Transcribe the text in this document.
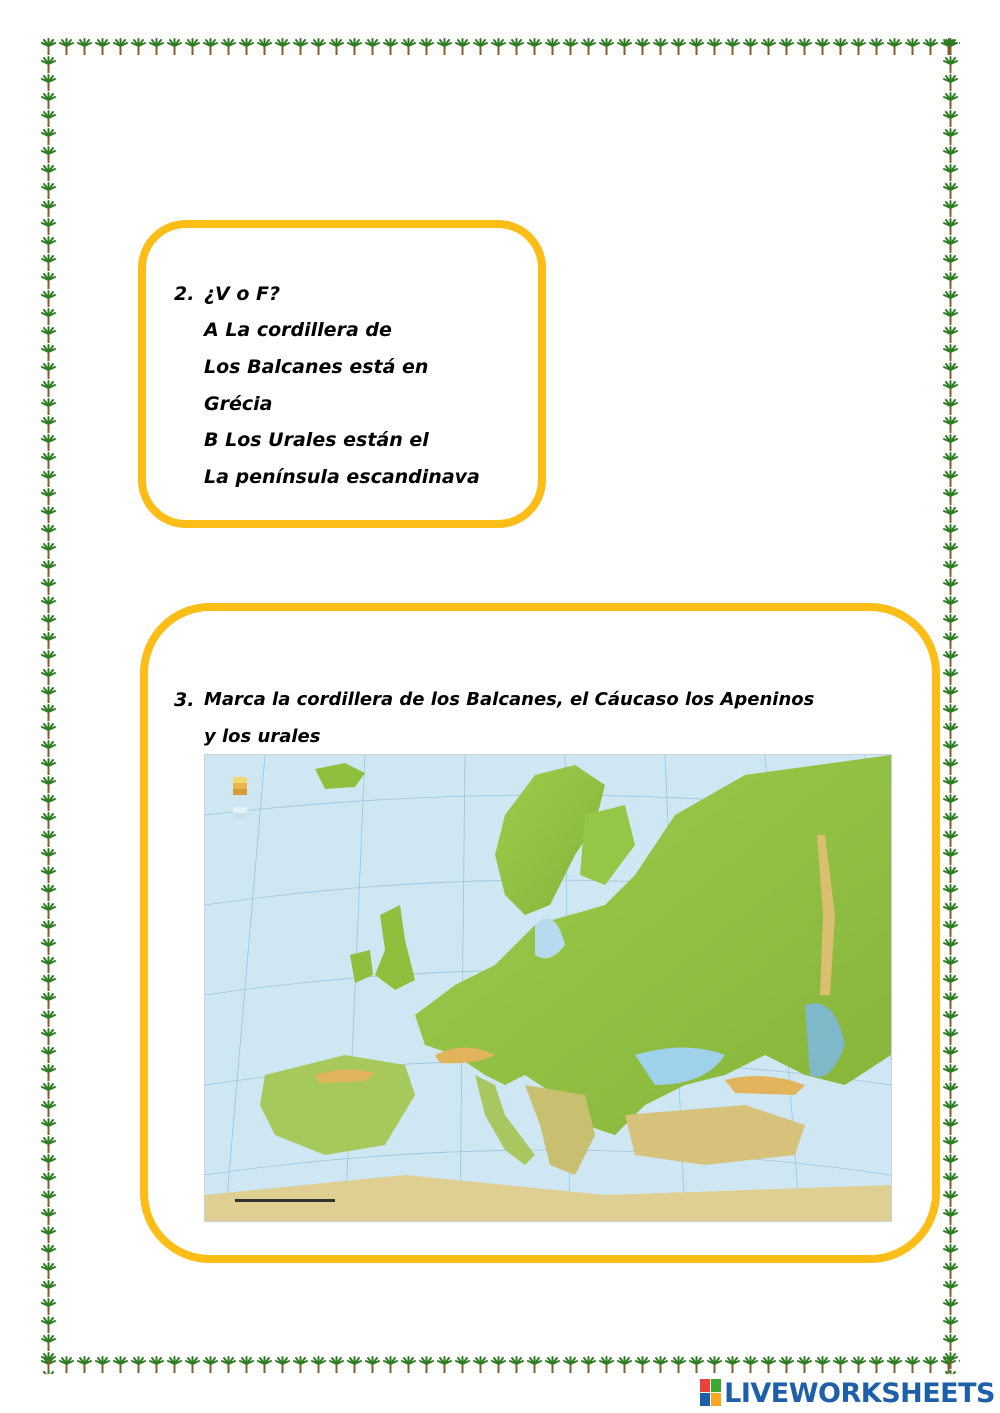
2. ¿V o F?
A La cordillera de
Los Balcanes está en
Grécia
B Los Urales están el
La península escandinava
3. Marca la cordillera de los Balcanes, el Cáucaso los Apeninos
y los urales
LIVEWORKSHEETS
